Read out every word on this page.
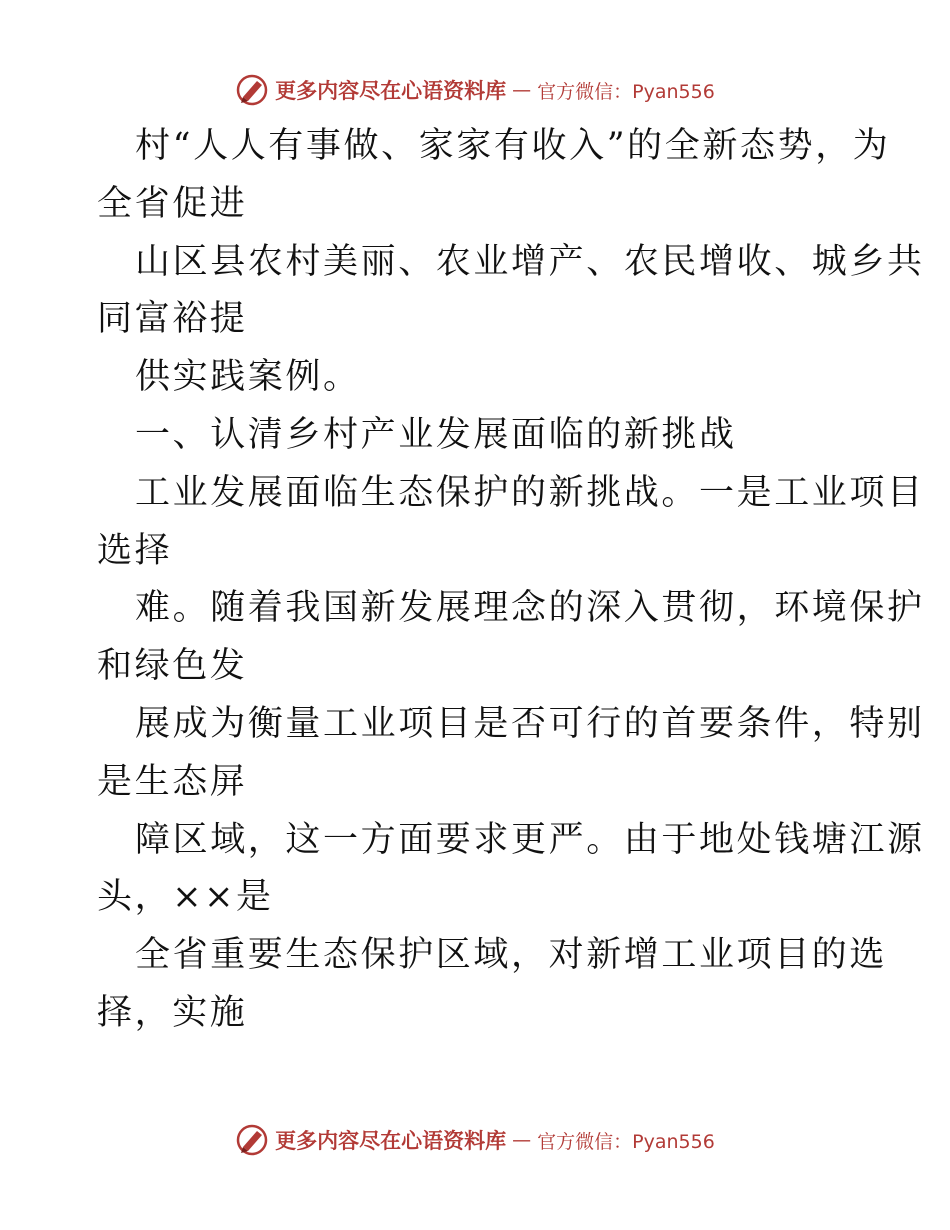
更多内容尽在心语资料库 — 官方微信：Pyan556
村“人人有事做、家家有收入”的全新态势，为
全省促进
山区县农村美丽、农业增产、农民增收、城乡共
同富裕提
供实践案例。
一、认清乡村产业发展面临的新挑战
工业发展面临生态保护的新挑战。一是工业项目
选择
难。随着我国新发展理念的深入贯彻，环境保护
和绿色发
展成为衡量工业项目是否可行的首要条件，特别
是生态屏
障区域，这一方面要求更严。由于地处钱塘江源
头，××是
全省重要生态保护区域，对新增工业项目的选
择，实施
更多内容尽在心语资料库 — 官方微信：Pyan556
